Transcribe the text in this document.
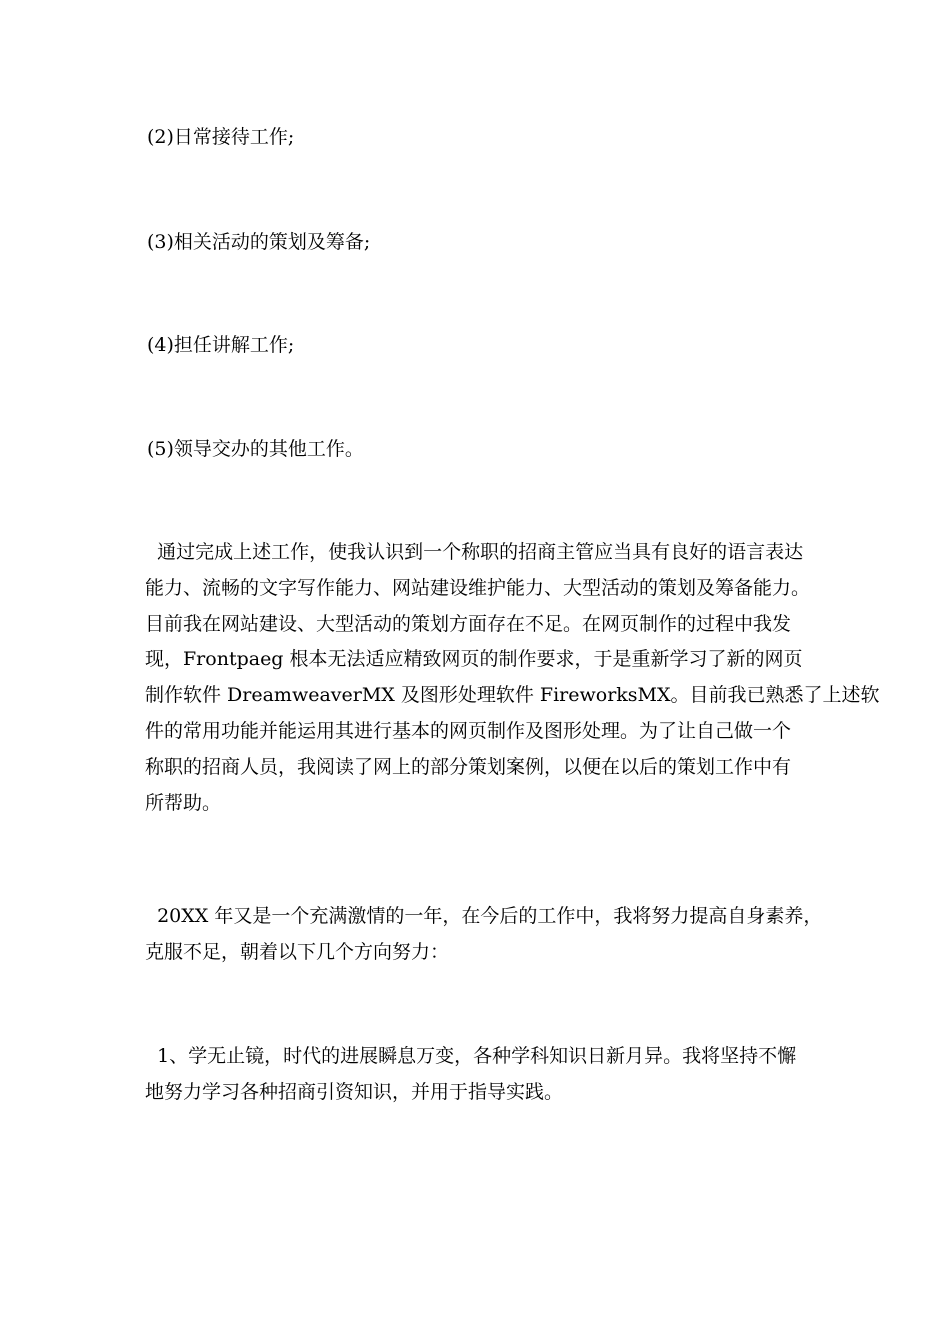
(2)日常接待工作;

(3)相关活动的策划及筹备;

(4)担任讲解工作;

(5)领导交办的其他工作。

通过完成上述工作，使我认识到一个称职的招商主管应当具有良好的语言表达
能力、流畅的文字写作能力、网站建设维护能力、大型活动的策划及筹备能力。
目前我在网站建设、大型活动的策划方面存在不足。在网页制作的过程中我发
现，Frontpaeg 根本无法适应精致网页的制作要求，于是重新学习了新的网页
制作软件 DreamweaverMX 及图形处理软件 FireworksMX。目前我已熟悉了上述软
件的常用功能并能运用其进行基本的网页制作及图形处理。为了让自己做一个
称职的招商人员，我阅读了网上的部分策划案例，以便在以后的策划工作中有
所帮助。
20XX 年又是一个充满激情的一年，在今后的工作中，我将努力提高自身素养，
克服不足，朝着以下几个方向努力：
1、学无止镜，时代的进展瞬息万变，各种学科知识日新月异。我将坚持不懈
地努力学习各种招商引资知识，并用于指导实践。
